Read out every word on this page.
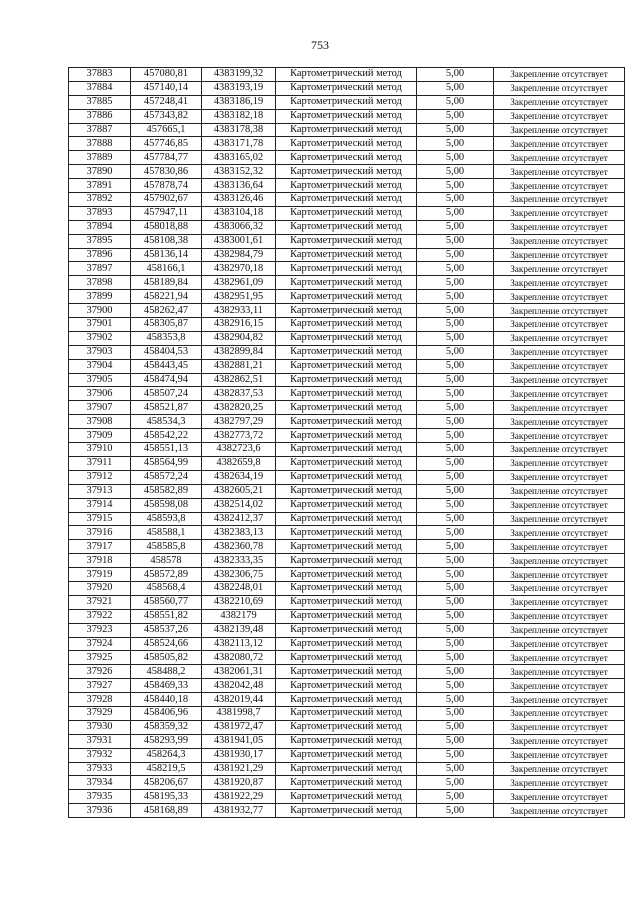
753
37883	457080,81	4383199,32	Картометрический метод	5,00	Закрепление отсутствует
37884	457140,14	4383193,19	Картометрический метод	5,00	Закрепление отсутствует
37885	457248,41	4383186,19	Картометрический метод	5,00	Закрепление отсутствует
37886	457343,82	4383182,18	Картометрический метод	5,00	Закрепление отсутствует
37887	457665,1	4383178,38	Картометрический метод	5,00	Закрепление отсутствует
37888	457746,85	4383171,78	Картометрический метод	5,00	Закрепление отсутствует
37889	457784,77	4383165,02	Картометрический метод	5,00	Закрепление отсутствует
37890	457830,86	4383152,32	Картометрический метод	5,00	Закрепление отсутствует
37891	457878,74	4383136,64	Картометрический метод	5,00	Закрепление отсутствует
37892	457902,67	4383126,46	Картометрический метод	5,00	Закрепление отсутствует
37893	457947,11	4383104,18	Картометрический метод	5,00	Закрепление отсутствует
37894	458018,88	4383066,32	Картометрический метод	5,00	Закрепление отсутствует
37895	458108,38	4383001,61	Картометрический метод	5,00	Закрепление отсутствует
37896	458136,14	4382984,79	Картометрический метод	5,00	Закрепление отсутствует
37897	458166,1	4382970,18	Картометрический метод	5,00	Закрепление отсутствует
37898	458189,84	4382961,09	Картометрический метод	5,00	Закрепление отсутствует
37899	458221,94	4382951,95	Картометрический метод	5,00	Закрепление отсутствует
37900	458262,47	4382933,11	Картометрический метод	5,00	Закрепление отсутствует
37901	458305,87	4382916,15	Картометрический метод	5,00	Закрепление отсутствует
37902	458353,8	4382904,82	Картометрический метод	5,00	Закрепление отсутствует
37903	458404,53	4382899,84	Картометрический метод	5,00	Закрепление отсутствует
37904	458443,45	4382881,21	Картометрический метод	5,00	Закрепление отсутствует
37905	458474,94	4382862,51	Картометрический метод	5,00	Закрепление отсутствует
37906	458507,24	4382837,53	Картометрический метод	5,00	Закрепление отсутствует
37907	458521,87	4382820,25	Картометрический метод	5,00	Закрепление отсутствует
37908	458534,3	4382797,29	Картометрический метод	5,00	Закрепление отсутствует
37909	458542,22	4382773,72	Картометрический метод	5,00	Закрепление отсутствует
37910	458551,13	4382723,6	Картометрический метод	5,00	Закрепление отсутствует
37911	458564,99	4382659,8	Картометрический метод	5,00	Закрепление отсутствует
37912	458572,24	4382634,19	Картометрический метод	5,00	Закрепление отсутствует
37913	458582,89	4382605,21	Картометрический метод	5,00	Закрепление отсутствует
37914	458598,08	4382514,02	Картометрический метод	5,00	Закрепление отсутствует
37915	458593,8	4382412,37	Картометрический метод	5,00	Закрепление отсутствует
37916	458588,1	4382383,13	Картометрический метод	5,00	Закрепление отсутствует
37917	458585,8	4382360,78	Картометрический метод	5,00	Закрепление отсутствует
37918	458578	4382333,35	Картометрический метод	5,00	Закрепление отсутствует
37919	458572,89	4382306,75	Картометрический метод	5,00	Закрепление отсутствует
37920	458568,4	4382248,01	Картометрический метод	5,00	Закрепление отсутствует
37921	458560,77	4382210,69	Картометрический метод	5,00	Закрепление отсутствует
37922	458551,82	4382179	Картометрический метод	5,00	Закрепление отсутствует
37923	458537,26	4382139,48	Картометрический метод	5,00	Закрепление отсутствует
37924	458524,66	4382113,12	Картометрический метод	5,00	Закрепление отсутствует
37925	458505,82	4382080,72	Картометрический метод	5,00	Закрепление отсутствует
37926	458488,2	4382061,31	Картометрический метод	5,00	Закрепление отсутствует
37927	458469,33	4382042,48	Картометрический метод	5,00	Закрепление отсутствует
37928	458440,18	4382019,44	Картометрический метод	5,00	Закрепление отсутствует
37929	458406,96	4381998,7	Картометрический метод	5,00	Закрепление отсутствует
37930	458359,32	4381972,47	Картометрический метод	5,00	Закрепление отсутствует
37931	458293,99	4381941,05	Картометрический метод	5,00	Закрепление отсутствует
37932	458264,3	4381930,17	Картометрический метод	5,00	Закрепление отсутствует
37933	458219,5	4381921,29	Картометрический метод	5,00	Закрепление отсутствует
37934	458206,67	4381920,87	Картометрический метод	5,00	Закрепление отсутствует
37935	458195,33	4381922,29	Картометрический метод	5,00	Закрепление отсутствует
37936	458168,89	4381932,77	Картометрический метод	5,00	Закрепление отсутствует
